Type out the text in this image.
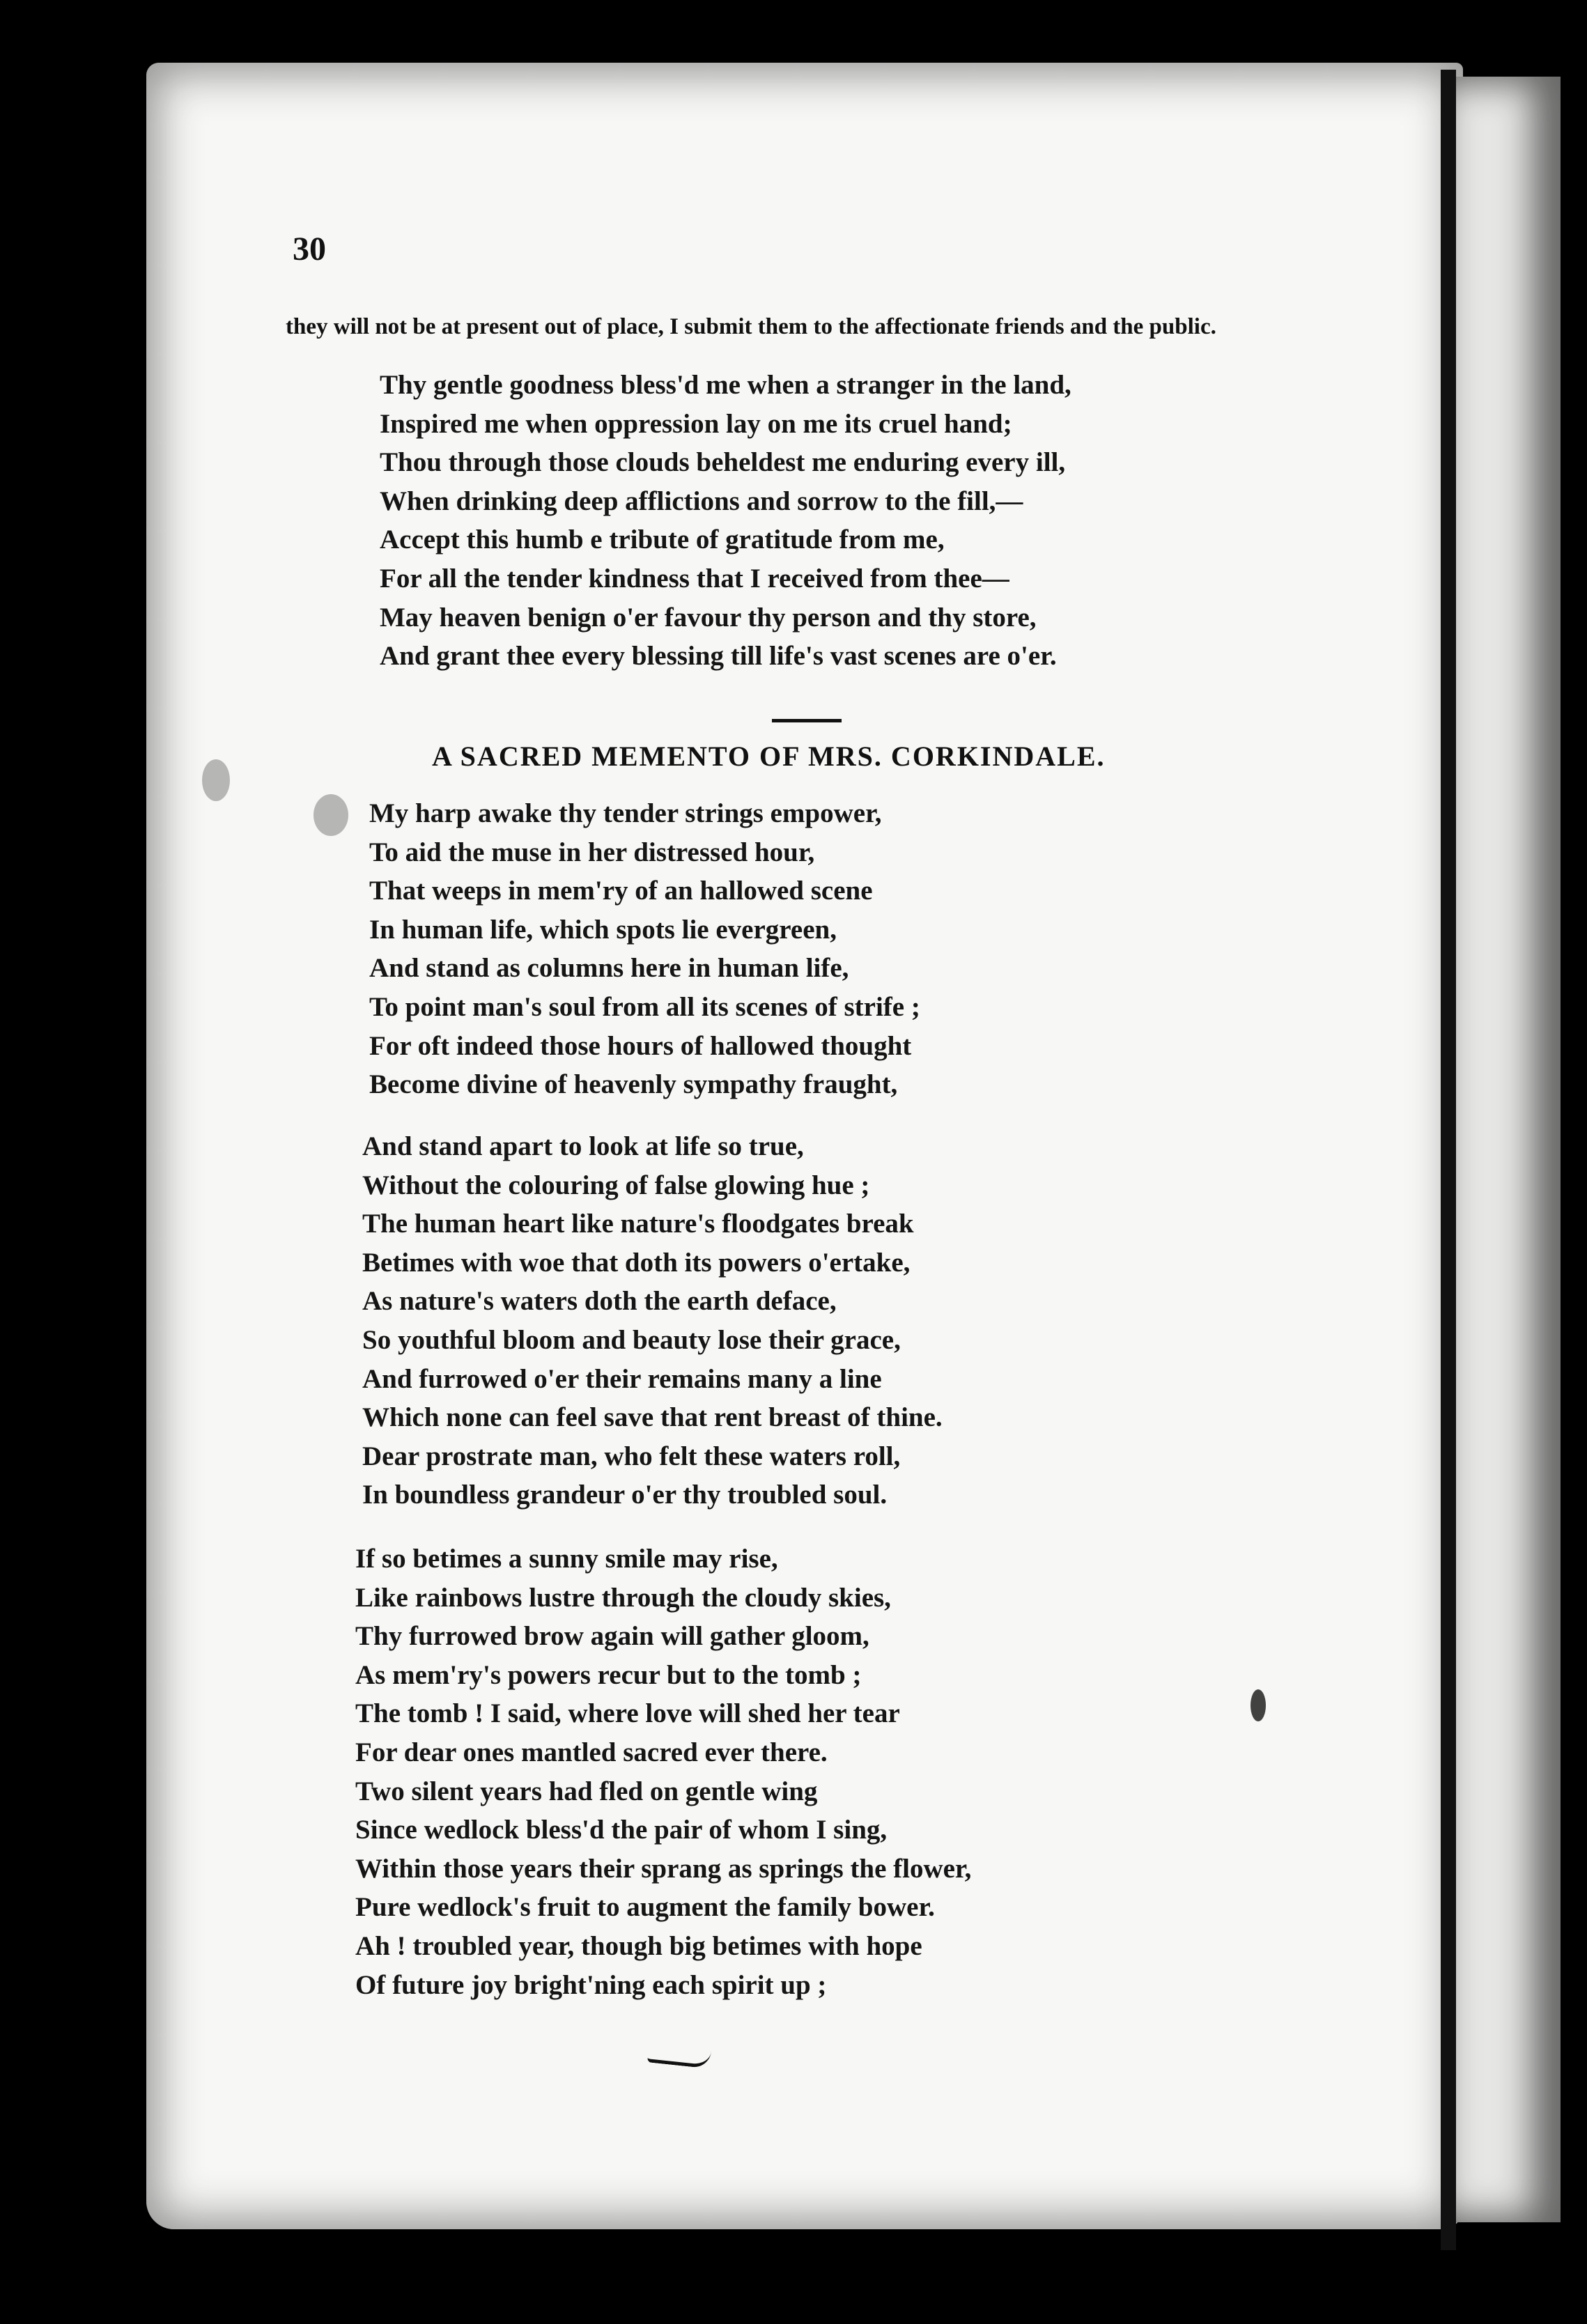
30
they will not be at present out of place, I submit them to the affectionate friends and the public.
Thy gentle goodness bless'd me when a stranger in the land,
Inspired me when oppression lay on me its cruel hand;
Thou through those clouds beheldest me enduring every ill,
When drinking deep afflictions and sorrow to the fill,—
Accept this humb e tribute of gratitude from me,
For all the tender kindness that I received from thee—
May heaven benign o'er favour thy person and thy store,
And grant thee every blessing till life's vast scenes are o'er.
A SACRED MEMENTO OF MRS. CORKINDALE.
My harp awake thy tender strings empower,
To aid the muse in her distressed hour,
That weeps in mem'ry of an hallowed scene
In human life, which spots lie evergreen,
And stand as columns here in human life,
To point man's soul from all its scenes of strife ;
For oft indeed those hours of hallowed thought
Become divine of heavenly sympathy fraught,
And stand apart to look at life so true,
Without the colouring of false glowing hue ;
The human heart like nature's floodgates break
Betimes with woe that doth its powers o'ertake,
As nature's waters doth the earth deface,
So youthful bloom and beauty lose their grace,
And furrowed o'er their remains many a line
Which none can feel save that rent breast of thine.
Dear prostrate man, who felt these waters roll,
In boundless grandeur o'er thy troubled soul.
If so betimes a sunny smile may rise,
Like rainbows lustre through the cloudy skies,
Thy furrowed brow again will gather gloom,
As mem'ry's powers recur but to the tomb ;
The tomb ! I said, where love will shed her tear
For dear ones mantled sacred ever there.
Two silent years had fled on gentle wing
Since wedlock bless'd the pair of whom I sing,
Within those years their sprang as springs the flower,
Pure wedlock's fruit to augment the family bower.
Ah ! troubled year, though big betimes with hope
Of future joy bright'ning each spirit up ;
